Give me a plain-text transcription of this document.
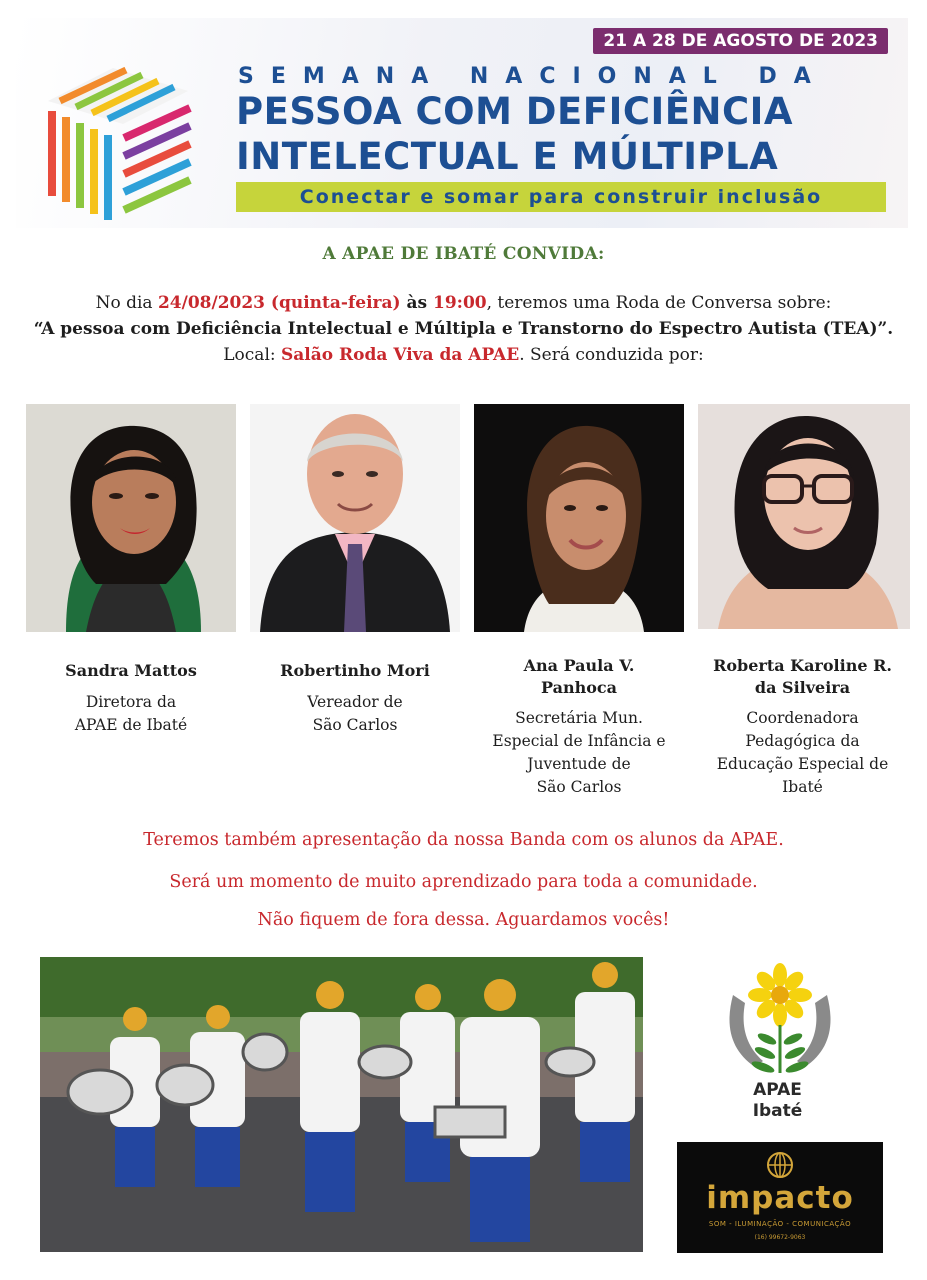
21 A 28 DE AGOSTO DE 2023
SEMANA NACIONAL DA
PESSOA COM DEFICIÊNCIA
INTELECTUAL E MÚLTIPLA
Conectar e somar para construir inclusão
A APAE DE IBATÉ CONVIDA:
No dia 24/08/2023 (quinta-feira) às 19:00, teremos uma Roda de Conversa sobre:
“A pessoa com Deficiência Intelectual e Múltipla e Transtorno do Espectro Autista (TEA)”.
Local: Salão Roda Viva da APAE. Será conduzida por:
Sandra Mattos
Diretora da
APAE de Ibaté
Robertinho Mori
Vereador de
São Carlos
Ana Paula V.
Panhoca
Secretária Mun.
Especial de Infância e
Juventude de
São Carlos
Roberta Karoline R.
da Silveira
Coordenadora
Pedagógica da
Educação Especial de
Ibaté
Teremos também apresentação da nossa Banda com os alunos da APAE.
Será um momento de muito aprendizado para toda a comunidade.
Não fiquem de fora dessa. Aguardamos vocês!
APAE
Ibaté
impacto
SOM - ILUMINAÇÃO - COMUNICAÇÃO
(16) 99672-9063
